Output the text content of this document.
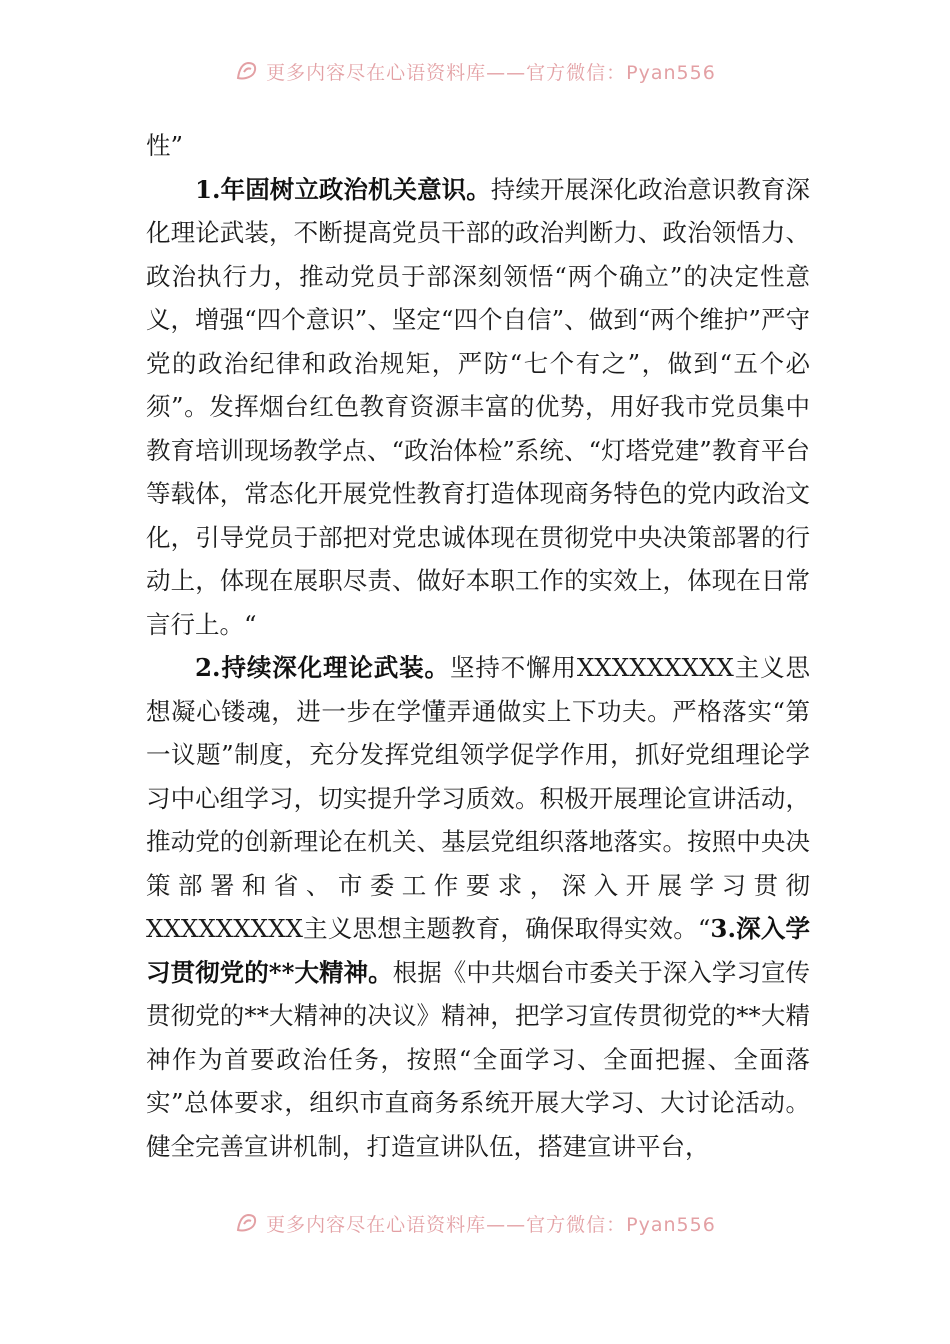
更多内容尽在心语资料库——官方微信：Pyan556

性”

1.年固树立政治机关意识。持续开展深化政治意识教育深化理论武装，不断提高党员干部的政治判断力、政治领悟力、政治执行力，推动党员于部深刻领悟“两个确立”的决定性意义，增强“四个意识”、坚定“四个自信”、做到“两个维护”严守党的政治纪律和政治规矩，严防“七个有之”，做到“五个必须”。发挥烟台红色教育资源丰富的优势，用好我市党员集中教育培训现场教学点、“政治体检”系统、“灯塔党建”教育平台等载体，常态化开展党性教育打造体现商务特色的党内政治文化，引导党员于部把对党忠诚体现在贯彻党中央决策部署的行动上，体现在展职尽责、做好本职工作的实效上，体现在日常言行上。“

2.持续深化理论武装。坚持不懈用XXXXXXXXX主义思想凝心镂魂，进一步在学懂弄通做实上下功夫。严格落实“第一议题”制度，充分发挥党组领学促学作用，抓好党组理论学习中心组学习，切实提升学习质效。积极开展理论宣讲活动，推动党的创新理论在机关、基层党组织落地落实。按照中央决策部署和省、市委工作要求，深入开展学习贯彻XXXXXXXXX主义思想主题教育，确保取得实效。“3.深入学习贯彻党的**大精神。根据《中共烟台市委关于深入学习宣传贯彻党的**大精神的决议》精神，把学习宣传贯彻党的**大精神作为首要政治任务，按照“全面学习、全面把握、全面落实”总体要求，组织市直商务系统开展大学习、大讨论活动。健全完善宣讲机制，打造宣讲队伍，搭建宣讲平台，

更多内容尽在心语资料库——官方微信：Pyan556
